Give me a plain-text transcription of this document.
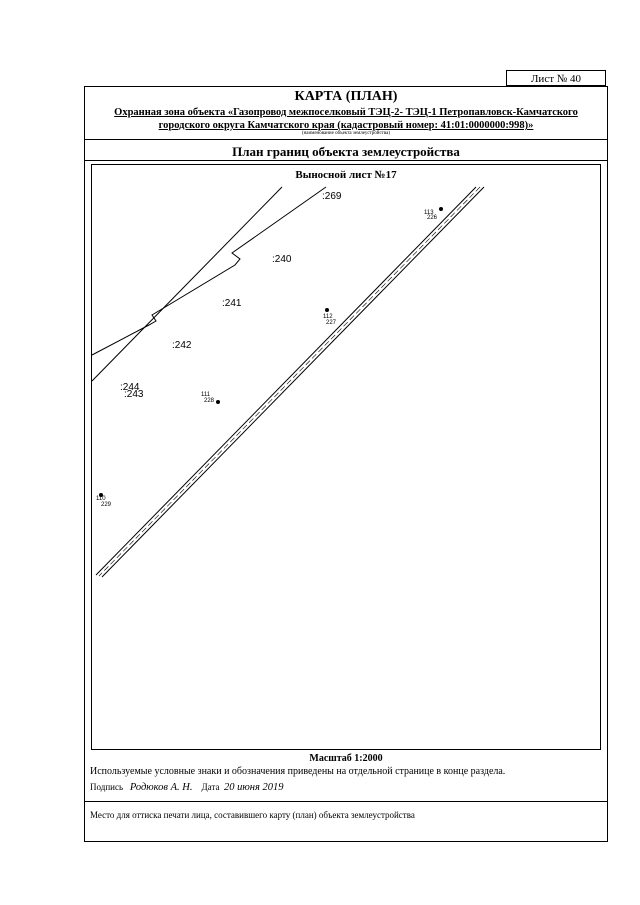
Лист № 40
КАРТА (ПЛАН)
Охранная зона объекта «Газопровод межпоселковый ТЭЦ-2- ТЭЦ-1 Петропавловск-Камчатского
городского округа Камчатского края (кадастровый номер: 41:01:0000000:998)»
(наименование объекта землеустройства)
План границ объекта землеустройства
Выносной лист №17
:269
:240
:241
:242
:244
:243
113
226
112
227
111
228
110
229
Масштаб 1:2000
Используемые условные знаки и обозначения приведены на отдельной странице в конце раздела.
Подпись Родюков А. Н. Дата 20 июня 2019
Место для оттиска печати лица, составившего карту (план) объекта землеустройства
